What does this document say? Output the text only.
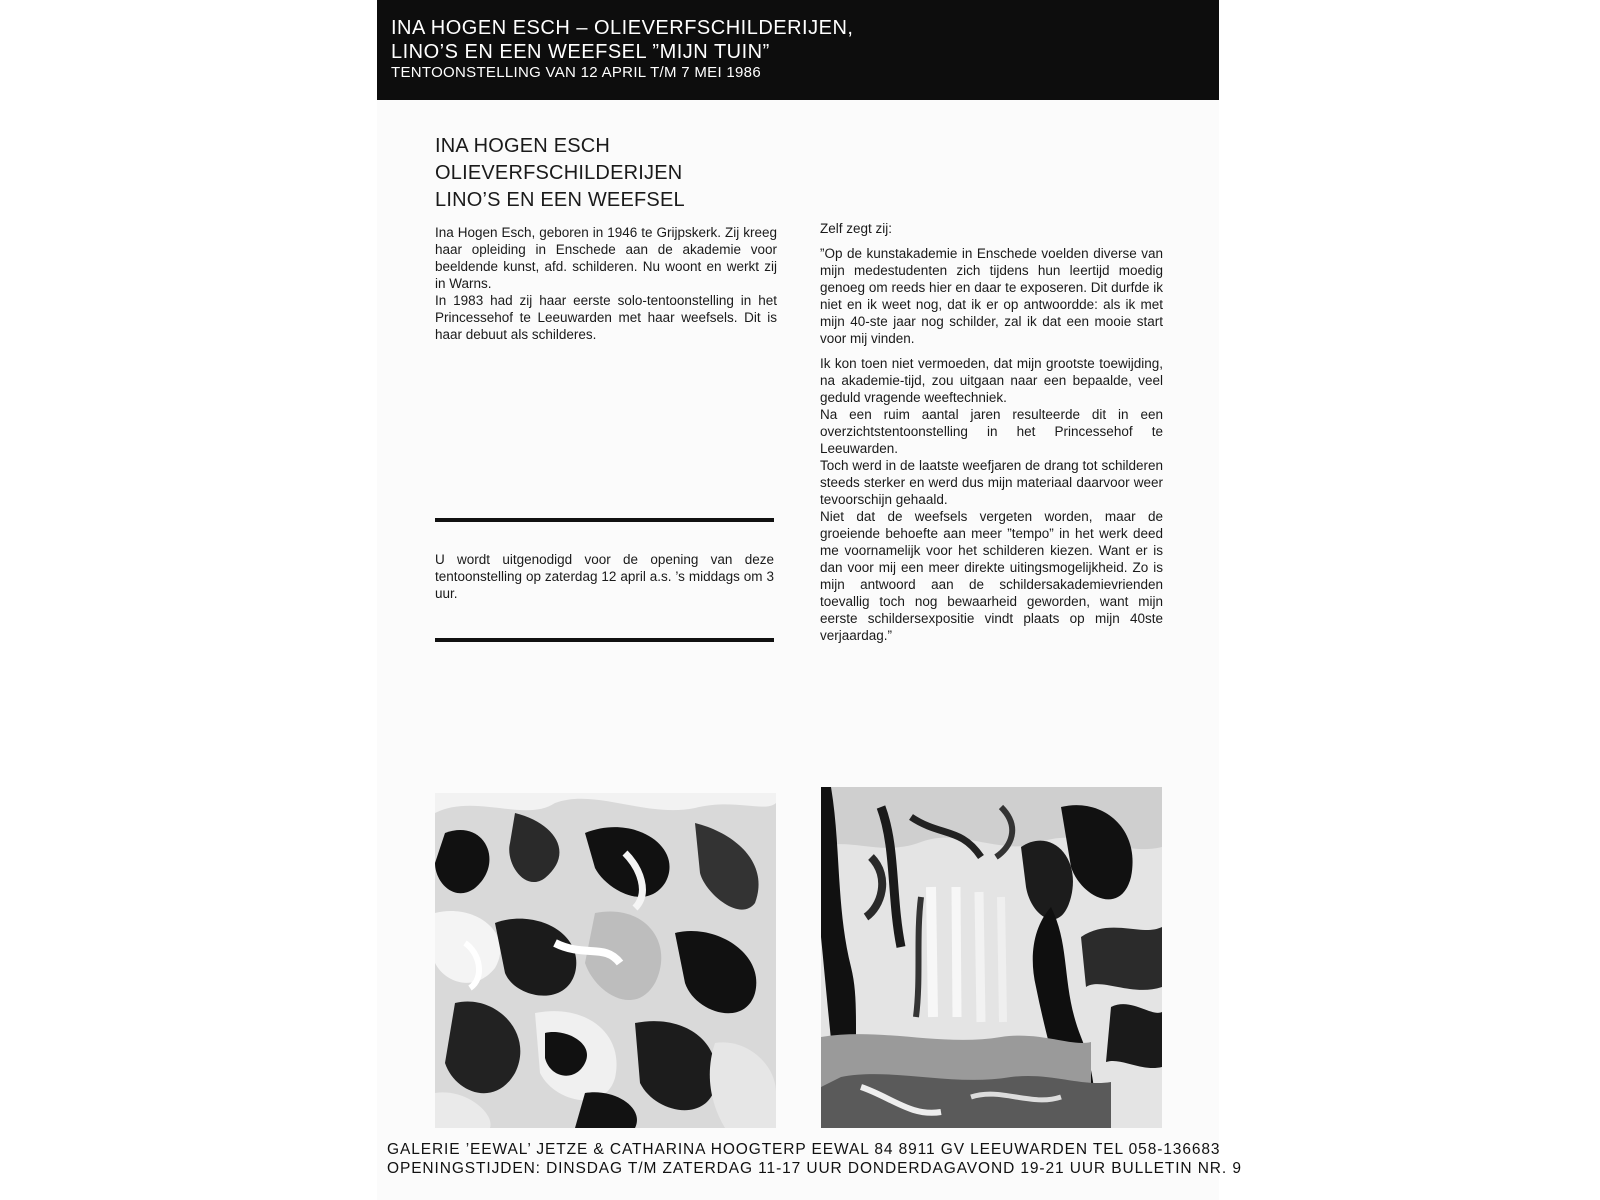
INA HOGEN ESCH – OLIEVERFSCHILDERIJEN,
LINO’S EN EEN WEEFSEL ”MIJN TUIN”
TENTOONSTELLING VAN 12 APRIL T/M 7 MEI 1986
INA HOGEN ESCH
OLIEVERFSCHILDERIJEN
LINO’S EN EEN WEEFSEL

Ina Hogen Esch, geboren in 1946 te Grijpskerk. Zij kreeg haar opleiding in Enschede aan de akademie voor beeldende kunst, afd. schilderen. Nu woont en werkt zij in Warns.

In 1983 had zij haar eerste solo-tentoonstelling in het Princessehof te Leeuwarden met haar weefsels. Dit is haar debuut als schilderes.

U wordt uitgenodigd voor de opening van deze tentoonstelling op zaterdag 12 april a.s. ’s middags om 3 uur.

Zelf zegt zij:

”Op de kunstakademie in Enschede voelden diverse van mijn medestudenten zich tijdens hun leertijd moedig genoeg om reeds hier en daar te exposeren. Dit durfde ik niet en ik weet nog, dat ik er op antwoordde: als ik met mijn 40-ste jaar nog schilder, zal ik dat een mooie start voor mij vinden.

Ik kon toen niet vermoeden, dat mijn grootste toewijding, na akademie-tijd, zou uitgaan naar een bepaalde, veel geduld vragende weeftechniek.

Na een ruim aantal jaren resulteerde dit in een overzichtstentoonstelling in het Princessehof te Leeuwarden.

Toch werd in de laatste weefjaren de drang tot schilderen steeds sterker en werd dus mijn materiaal daarvoor weer tevoorschijn gehaald.

Niet dat de weefsels vergeten worden, maar de groeiende behoefte aan meer ”tempo” in het werk deed me voornamelijk voor het schilderen kiezen. Want er is dan voor mij een meer direkte uitingsmogelijkheid. Zo is mijn antwoord aan de schildersakademievrienden toevallig toch nog bewaarheid geworden, want mijn eerste schildersexpositie vindt plaats op mijn 40ste verjaardag.”

GALERIE ’EEWAL’ JETZE & CATHARINA HOOGTERP EEWAL 84 8911 GV LEEUWARDEN TEL 058-136683
OPENINGSTIJDEN: DINSDAG T/M ZATERDAG 11-17 UUR DONDERDAGAVOND 19-21 UUR BULLETIN NR. 9
